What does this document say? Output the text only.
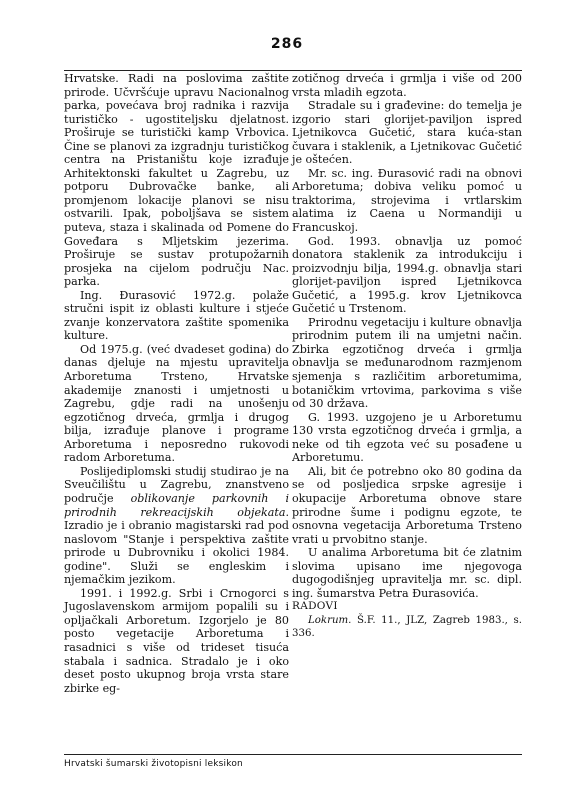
286

Hrvatske. Radi na poslovima zaštite prirode. Učvršćuje upravu Nacionalnog parka, povećava broj radnika i razvija turističko - ugostiteljsku djelatnost. Proširuje se turistički kamp Vrbovica. Čine se planovi za izgradnju turističkog centra na Pristaništu koje izrađuje Arhitektonski fakultet u Zagrebu, uz potporu Dubrovačke banke, ali promjenom lokacije planovi se nisu ostvarili. Ipak, poboljšava se sistem puteva, staza i skalinada od Pomene do Goveđara s Mljetskim jezerima. Proširuje se sustav protupožarnih prosjeka na cijelom području Nac. parka.

Ing. Đurasović 1972.g. polaže stručni ispit iz oblasti kulture i stjeće zvanje konzervatora zaštite spomenika kulture.

Od 1975.g. (već dvadeset godina) do danas djeluje na mjestu upravitelja Arboretuma Trsteno, Hrvatske akademije znanosti i umjetnosti u Zagrebu, gdje radi na unošenju egzotičnog drveća, grmlja i drugog bilja, izrađuje planove i programe Arboretuma i neposredno rukovodi radom Arboretuma.

Poslijediplomski studij studirao je na Sveučilištu u Zagrebu, znanstveno područje oblikovanje parkovnih i prirodnih rekreacijskih objekata. Izradio je i obranio magistarski rad pod naslovom "Stanje i perspektiva zaštite prirode u Dubrovniku i okolici 1984. godine". Služi se engleskim i njemačkim jezikom.

1991. i 1992.g. Srbi i Crnogorci s Jugoslavenskom armijom popalili su i opljačkali Arboretum. Izgorjelo je 80 posto vegetacije Arboretuma i rasadnici s više od trideset tisuća stabala i sadnica. Stradalo je i oko deset posto ukupnog broja vrsta stare zbirke eg-

zotičnog drveća i grmlja i više od 200 vrsta mladih egzota.

Stradale su i građevine: do temelja je izgorio stari glorijet-paviljon ispred Ljetnikovca Gučetić, stara kuća-stan čuvara i staklenik, a Ljetnikovac Gučetić je oštećen.

Mr. sc. ing. Đurasović radi na obnovi Arboretuma; dobiva veliku pomoć u traktorima, strojevima i vrtlarskim alatima iz Caena u Normandiji u Francuskoj.

God. 1993. obnavlja uz pomoć donatora staklenik za introdukciju i proizvodnju bilja, 1994.g. obnavlja stari glorijet-paviljon ispred Ljetnikovca Gučetić, a 1995.g. krov Ljetnikovca Gučetić u Trstenom.

Prirodnu vegetaciju i kulture obnavlja prirodnim putem ili na umjetni način. Zbirka egzotičnog drveća i grmlja obnavlja se međunarodnom razmjenom sjemenja s različitim arboretumima, botaničkim vrtovima, parkovima s više od 30 država.

G. 1993. uzgojeno je u Arboretumu 130 vrsta egzotičnog drveća i grmlja, a neke od tih egzota već su posađene u Arboretumu.

Ali, bit će potrebno oko 80 godina da se od posljedica srpske agresije i okupacije Arboretuma obnove stare prirodne šume i podignu egzote, te osnovna vegetacija Arboretuma Trsteno vrati u prvobitno stanje.

U analima Arboretuma bit će zlatnim slovima upisano ime njegovoga dugogodišnjeg upravitelja mr. sc. dipl. ing. šumarstva Petra Đurasovića.

RADOVI

Lokrum. Š.F. 11., JLZ, Zagreb 1983., s. 336.

Hrvatski šumarski životopisni leksikon
